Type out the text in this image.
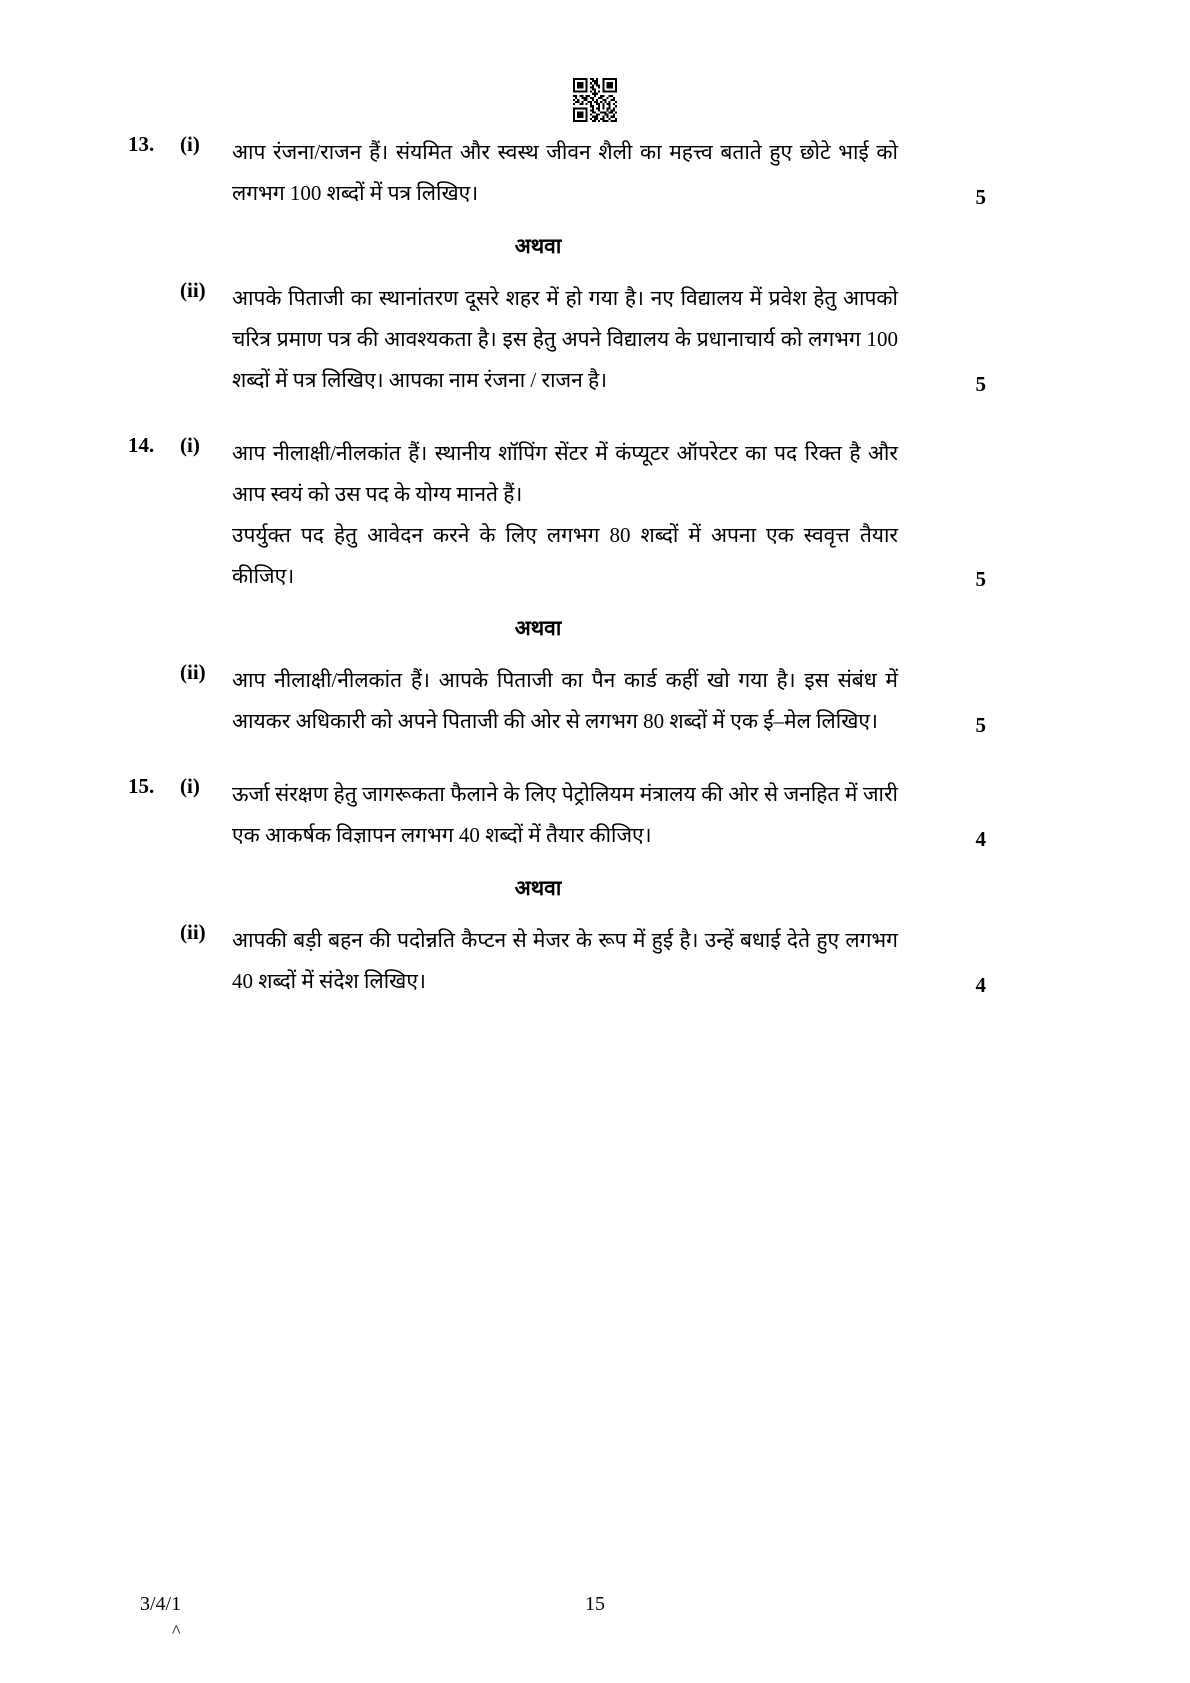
13.	(i)	आप रंजना/राजन हैं। संयमित और स्वस्थ जीवन शैली का महत्त्व बताते हुए छोटे भाई को लगभग 100 शब्दों में पत्र लिखिए।	5
अथवा
(ii)	आपके पिताजी का स्थानांतरण दूसरे शहर में हो गया है। नए विद्यालय में प्रवेश हेतु आपको चरित्र प्रमाण पत्र की आवश्यकता है। इस हेतु अपने विद्यालय के प्रधानाचार्य को लगभग 100 शब्दों में पत्र लिखिए। आपका नाम रंजना / राजन है।	5
14.	(i)	आप नीलाक्षी/नीलकांत हैं। स्थानीय शॉपिंग सेंटर में कंप्यूटर ऑपरेटर का पद रिक्त है और आप स्वयं को उस पद के योग्य मानते हैं।
उपर्युक्त पद हेतु आवेदन करने के लिए लगभग 80 शब्दों में अपना एक स्ववृत्त तैयार कीजिए।	5
अथवा
(ii)	आप नीलाक्षी/नीलकांत हैं। आपके पिताजी का पैन कार्ड कहीं खो गया है। इस संबंध में आयकर अधिकारी को अपने पिताजी की ओर से लगभग 80 शब्दों में एक ई–मेल लिखिए।	5
15.	(i)	ऊर्जा संरक्षण हेतु जागरूकता फैलाने के लिए पेट्रोलियम मंत्रालय की ओर से जनहित में जारी एक आकर्षक विज्ञापन लगभग 40 शब्दों में तैयार कीजिए।	4
अथवा
(ii)	आपकी बड़ी बहन की पदोन्नति कैप्टन से मेजर के रूप में हुई है। उन्हें बधाई देते हुए लगभग 40 शब्दों में संदेश लिखिए।	4
3/4/1	15
^
